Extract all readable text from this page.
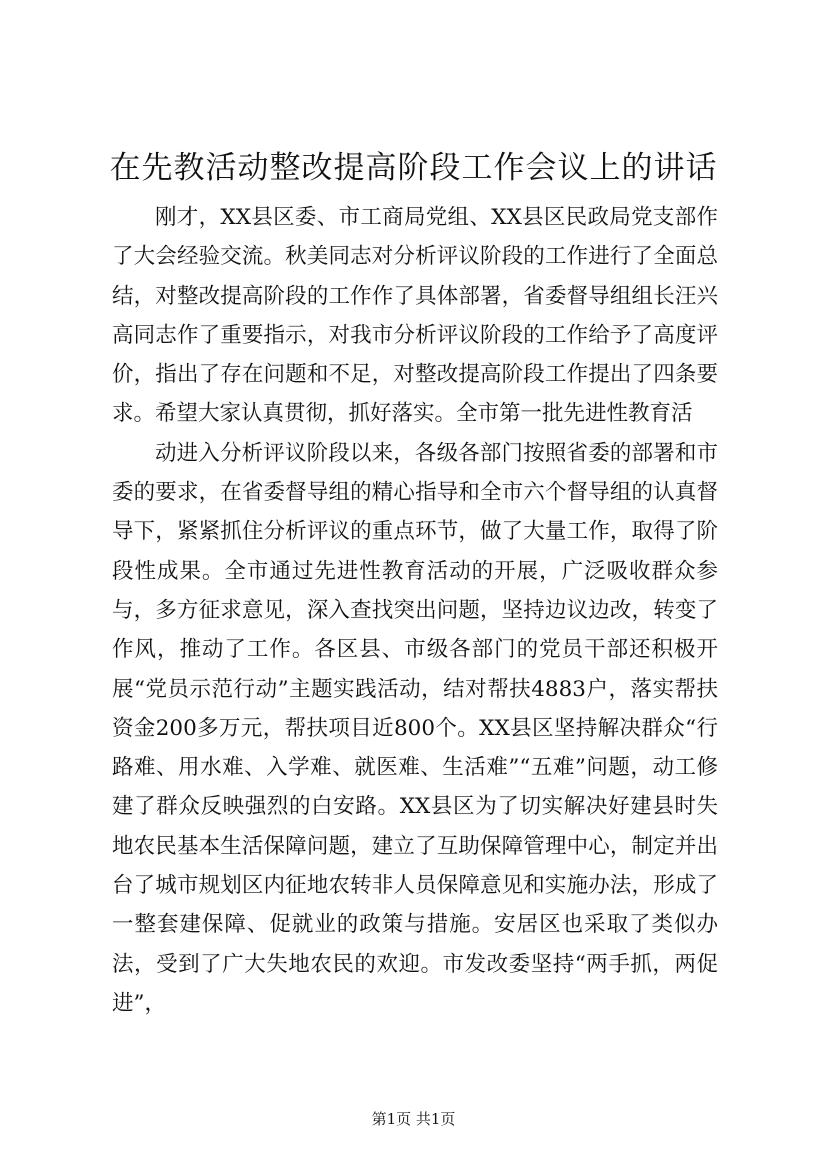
在先教活动整改提高阶段工作会议上的讲话

刚才，XX县区委、市工商局党组、XX县区民政局党支部作了大会经验交流。秋美同志对分析评议阶段的工作进行了全面总结，对整改提高阶段的工作作了具体部署，省委督导组组长汪兴高同志作了重要指示，对我市分析评议阶段的工作给予了高度评价，指出了存在问题和不足，对整改提高阶段工作提出了四条要求。希望大家认真贯彻，抓好落实。全市第一批先进性教育活

动进入分析评议阶段以来，各级各部门按照省委的部署和市委的要求，在省委督导组的精心指导和全市六个督导组的认真督导下，紧紧抓住分析评议的重点环节，做了大量工作，取得了阶段性成果。全市通过先进性教育活动的开展，广泛吸收群众参与，多方征求意见，深入查找突出问题，坚持边议边改，转变了作风，推动了工作。各区县、市级各部门的党员干部还积极开展“党员示范行动”主题实践活动，结对帮扶4883户，落实帮扶资金200多万元，帮扶项目近800个。XX县区坚持解决群众“行路难、用水难、入学难、就医难、生活难”“五难”问题，动工修建了群众反映强烈的白安路。XX县区为了切实解决好建县时失地农民基本生活保障问题，建立了互助保障管理中心，制定并出台了城市规划区内征地农转非人员保障意见和实施办法，形成了一整套建保障、促就业的政策与措施。安居区也采取了类似办法，受到了广大失地农民的欢迎。市发改委坚持“两手抓，两促进”，

第1页 共1页
